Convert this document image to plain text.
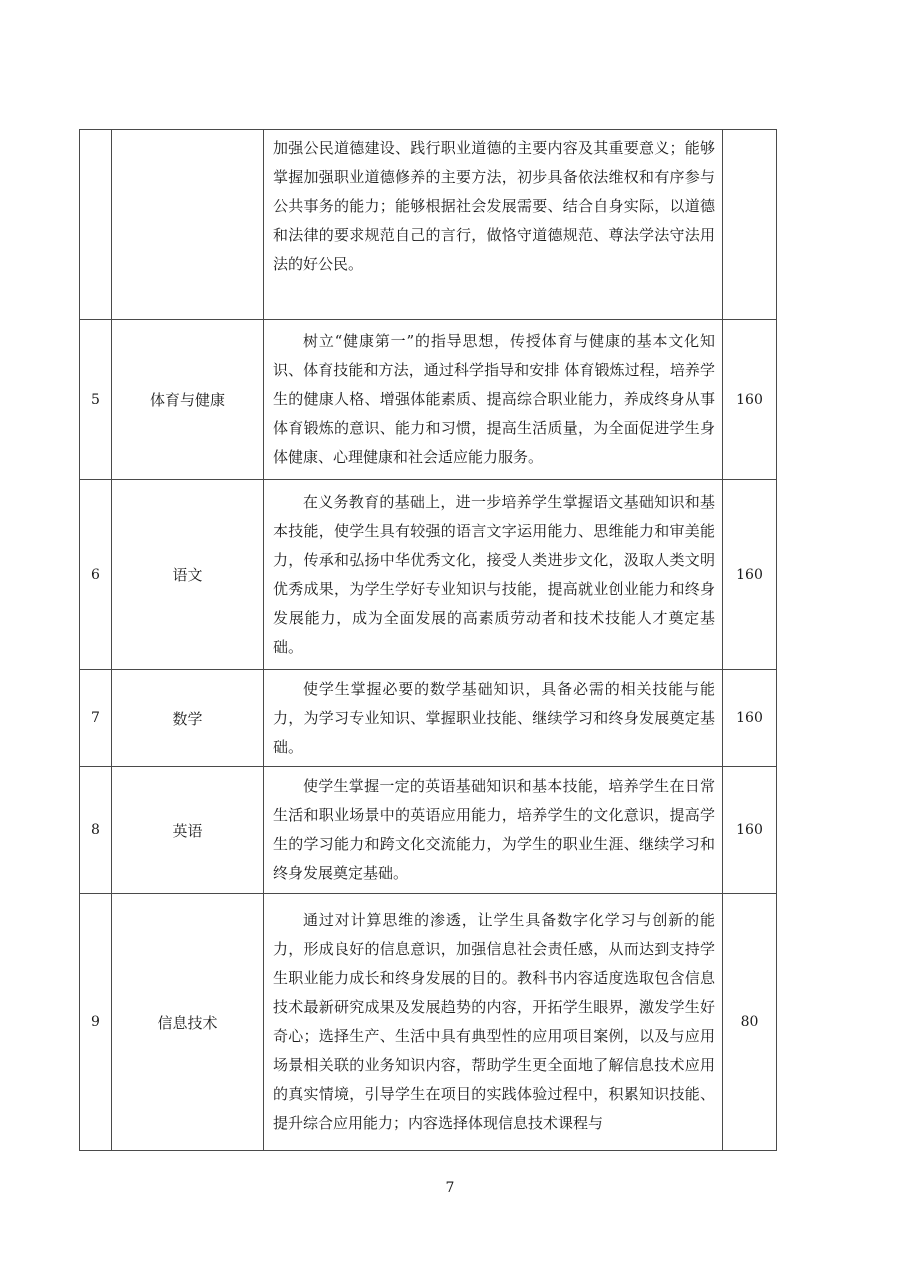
		加强公民道德建设、践行职业道德的主要内容及其重要意义；能够掌握加强职业道德修养的主要方法，初步具备依法维权和有序参与公共事务的能力；能够根据社会发展需要、结合自身实际，以道德和法律的要求规范自己的言行，做恪守道德规范、尊法学法守法用法的好公民。	
5	体育与健康	树立“健康第一”的指导思想，传授体育与健康的基本文化知识、体育技能和方法，通过科学指导和安排 体育锻炼过程，培养学生的健康人格、增强体能素质、提高综合职业能力，养成终身从事体育锻炼的意识、能力和习惯，提高生活质量，为全面促进学生身体健康、心理健康和社会适应能力服务。	160
6	语文	在义务教育的基础上，进一步培养学生掌握语文基础知识和基本技能，使学生具有较强的语言文字运用能力、思维能力和审美能力，传承和弘扬中华优秀文化，接受人类进步文化，汲取人类文明优秀成果，为学生学好专业知识与技能，提高就业创业能力和终身发展能力，成为全面发展的高素质劳动者和技术技能人才奠定基础。	160
7	数学	使学生掌握必要的数学基础知识，具备必需的相关技能与能力，为学习专业知识、掌握职业技能、继续学习和终身发展奠定基础。	160
8	英语	使学生掌握一定的英语基础知识和基本技能，培养学生在日常生活和职业场景中的英语应用能力，培养学生的文化意识，提高学生的学习能力和跨文化交流能力，为学生的职业生涯、继续学习和终身发展奠定基础。	160
9	信息技术	通过对计算思维的渗透，让学生具备数字化学习与创新的能力，形成良好的信息意识，加强信息社会责任感，从而达到支持学生职业能力成长和终身发展的目的。教科书内容适度选取包含信息技术最新研究成果及发展趋势的内容，开拓学生眼界，激发学生好奇心；选择生产、生活中具有典型性的应用项目案例，以及与应用场景相关联的业务知识内容，帮助学生更全面地了解信息技术应用的真实情境，引导学生在项目的实践体验过程中，积累知识技能、提升综合应用能力；内容选择体现信息技术课程与	80
7
